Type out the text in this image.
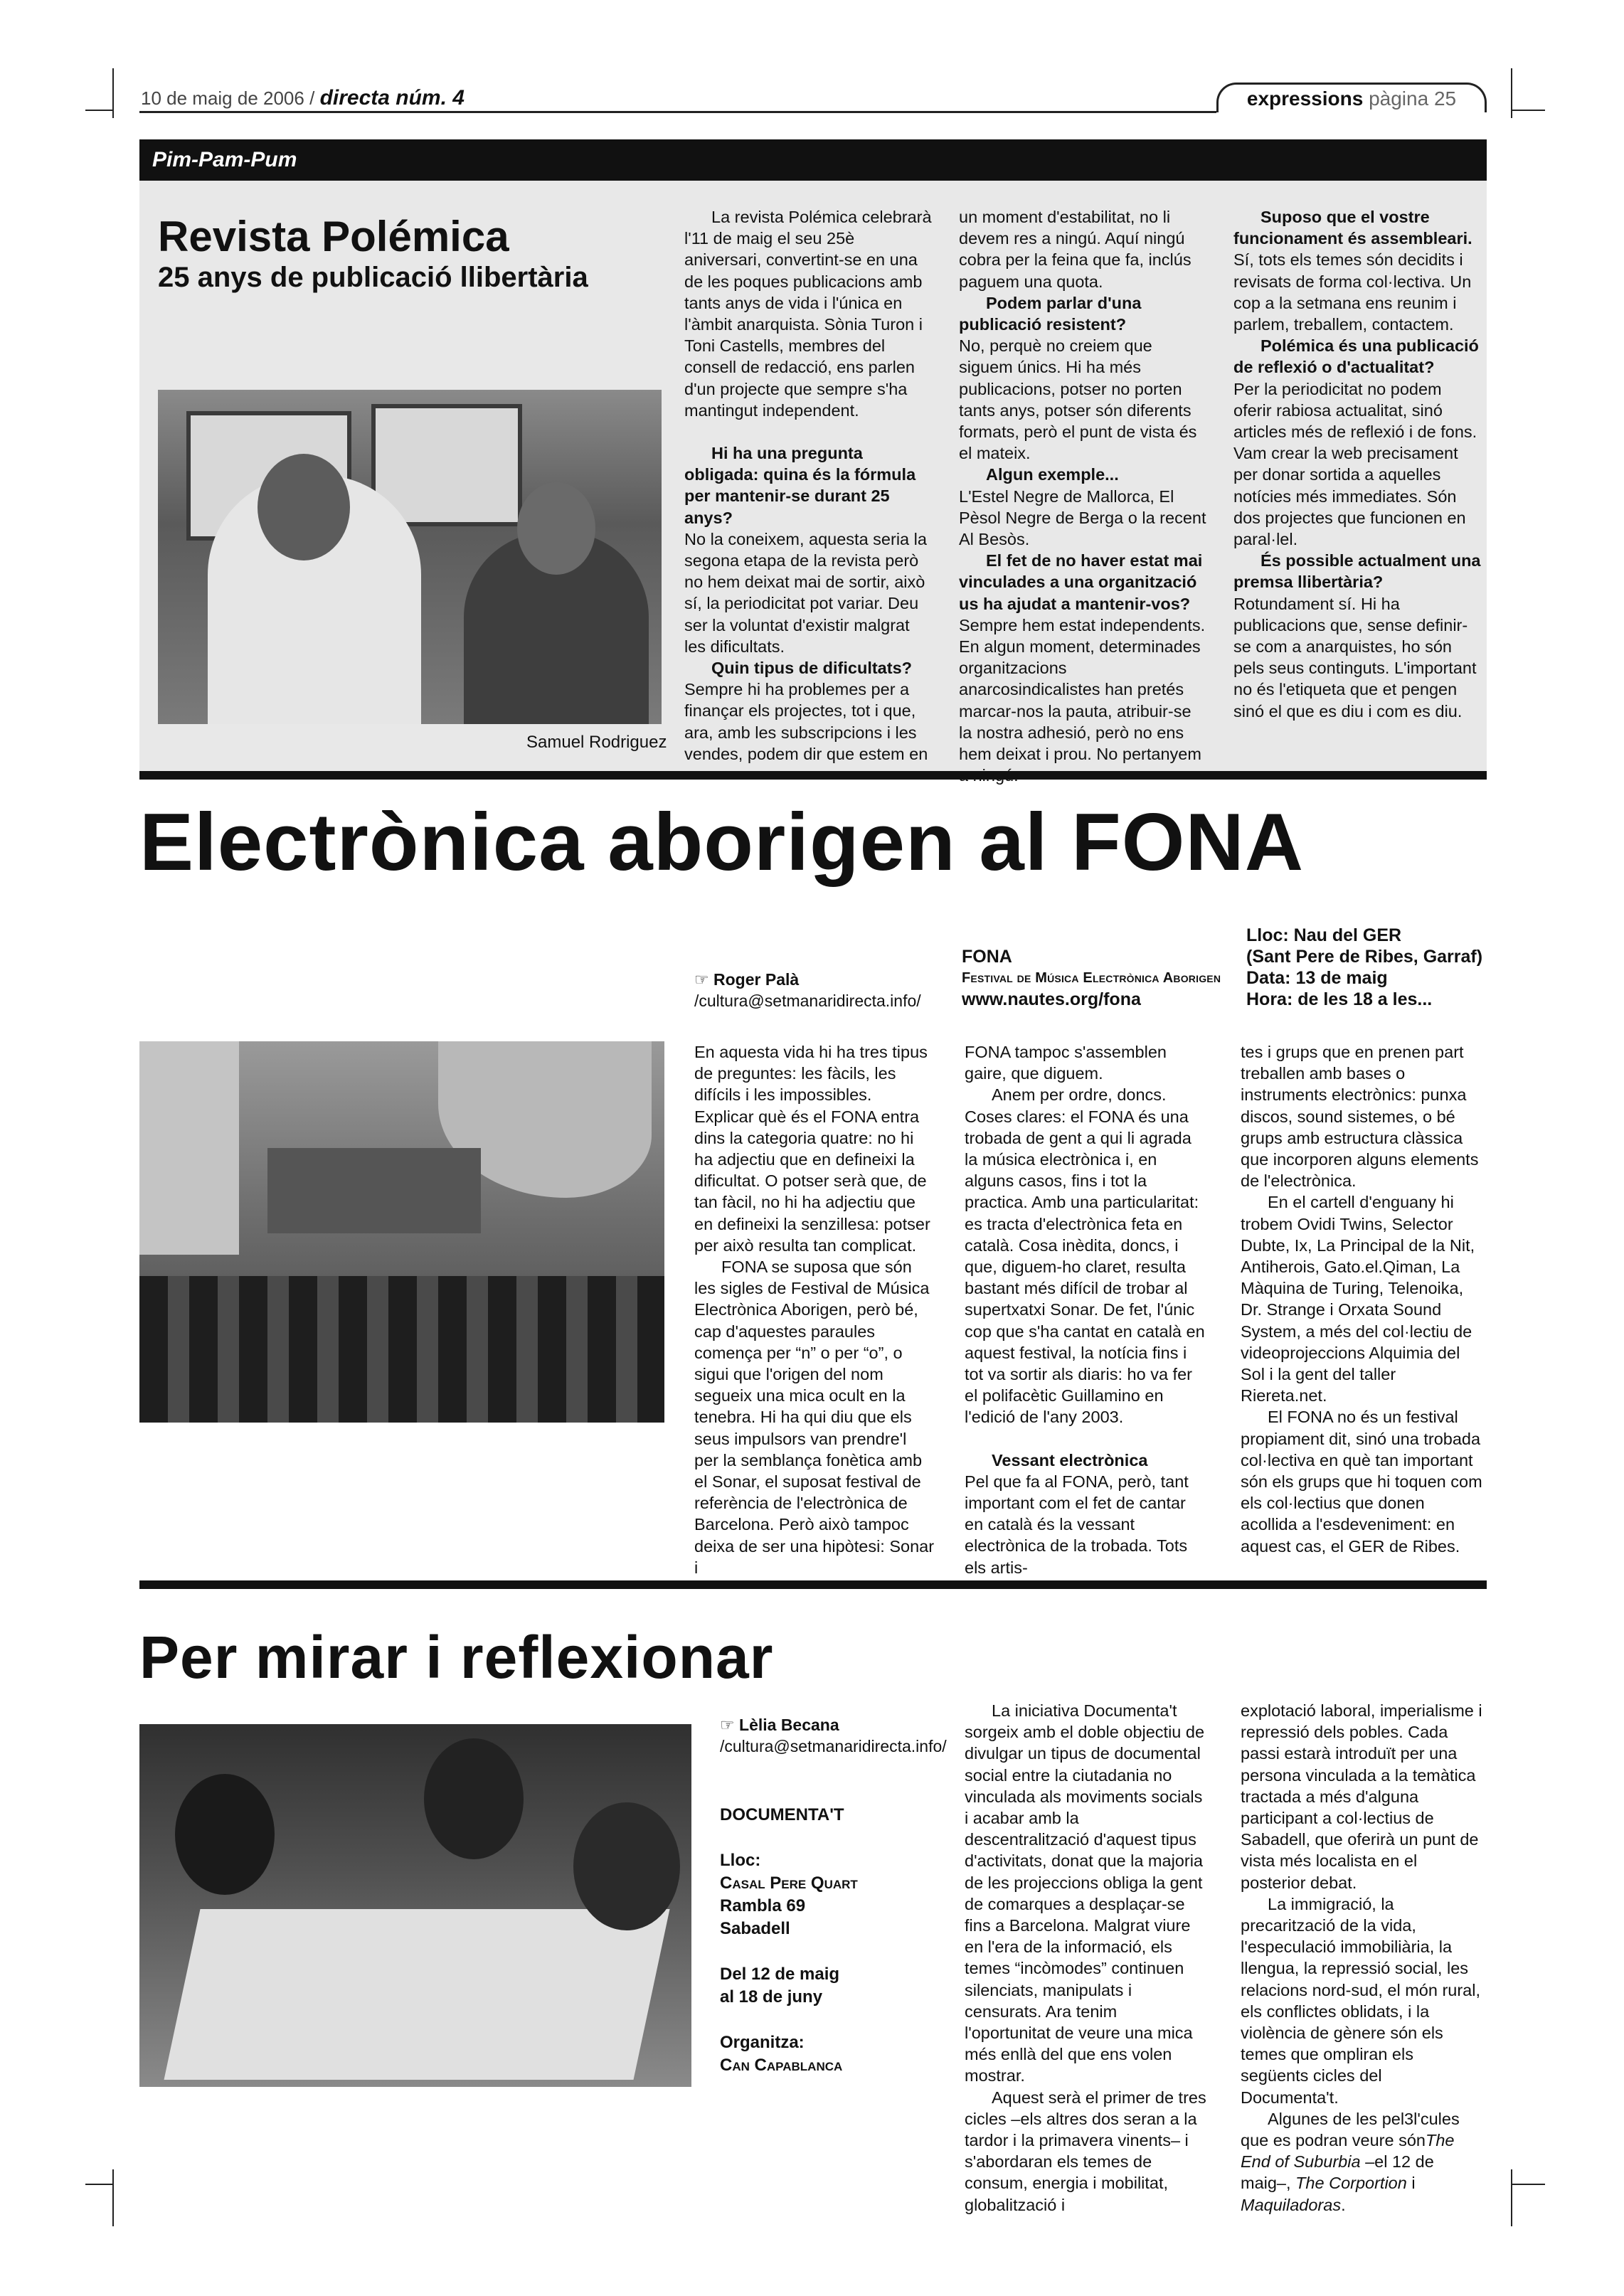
10 de maig de 2006 / directa núm. 4	expressions pàgina 25
Pim-Pam-Pum
Revista Polémica
25 anys de publicació llibertària
Samuel Rodriguez

La revista Polémica celebrarà l'11 de maig el seu 25è aniversari, convertint-se en una de les poques publicacions amb tants anys de vida i l'única en l'àmbit anarquista. Sònia Turon i Toni Castells, membres del consell de redacció, ens parlen d'un projecte que sempre s'ha mantingut independent.

Hi ha una pregunta obligada: quina és la fórmula per mantenir-se durant 25 anys?

No la coneixem, aquesta seria la segona etapa de la revista però no hem deixat mai de sortir, això sí, la periodicitat pot variar. Deu ser la voluntat d'existir malgrat les dificultats.

Quin tipus de dificultats?

Sempre hi ha problemes per a finançar els projectes, tot i que, ara, amb les subscripcions i les vendes, podem dir que estem en

un moment d'estabilitat, no li devem res a ningú. Aquí ningú cobra per la feina que fa, inclús paguem una quota.

Podem parlar d'una publicació resistent?

No, perquè no creiem que siguem únics. Hi ha més publicacions, potser no porten tants anys, potser són diferents formats, però el punt de vista és el mateix.

Algun exemple...

L'Estel Negre de Mallorca, El Pèsol Negre de Berga o la recent Al Besòs.

El fet de no haver estat mai vinculades a una organització us ha ajudat a mantenir-vos?

Sempre hem estat independents. En algun moment, determinades organitzacions anarcosindicalistes han pretés marcar-nos la pauta, atribuir-se la nostra adhesió, però no ens hem deixat i prou. No pertanyem

Suposo que el vostre funcionament és assembleari.

Sí, tots els temes són decidits i revisats de forma col·lectiva. Un cop a la setmana ens reunim i parlem, treballem, contactem.

Polémica és una publicació de reflexió o d'actualitat?

Per la periodicitat no podem oferir rabiosa actualitat, sinó articles més de reflexió i de fons. Vam crear la web precisament per donar sortida a aquelles notícies més immediates. Són dos projectes que funcionen en paral·lel.

És possible actualment una premsa llibertària?

Rotundament sí. Hi ha publicacions que, sense definir-se com a anarquistes, ho són pels seus continguts. L'important no és l'etiqueta que et pengen sinó el que es diu i com es diu.

Electrònica aborigen al FONA
☞ Roger Palà
/cultura@setmanaridirecta.info/
FONA
Festival de Música Electrònica Aborigen
www.nautes.org/fona
Lloc: Nau del GER
(Sant Pere de Ribes, Garraf)
Data: 13 de maig
Hora: de les 18 a les...

En aquesta vida hi ha tres tipus de preguntes: les fàcils, les difícils i les impossibles. Explicar què és el FONA entra dins la categoria quatre: no hi ha adjectiu que en defineixi la dificultat. O potser serà que, de tan fàcil, no hi ha adjectiu que en defineixi la senzillesa: potser per això resulta tan complicat.

FONA se suposa que són les sigles de Festival de Música Electrònica Aborigen, però bé, cap d'aquestes paraules comença per “n” o per “o”, o sigui que l'origen del nom segueix una mica ocult en la tenebra. Hi ha qui diu que els seus impulsors van prendre'l per la semblança fonètica amb el Sonar, el suposat festival de referència de l'electrònica de Barcelona. Però això tampoc deixa de ser una hipòtesi: Sonar i

FONA tampoc s'assemblen gaire, que diguem.

Anem per ordre, doncs. Coses clares: el FONA és una trobada de gent a qui li agrada la música electrònica i, en alguns casos, fins i tot la practica. Amb una particularitat: es tracta d'electrònica feta en català. Cosa inèdita, doncs, i que, diguem-ho claret, resulta bastant més difícil de trobar al supertxatxi Sonar. De fet, l'únic cop que s'ha cantat en català en aquest festival, la notícia fins i tot va sortir als diaris: ho va fer el polifacètic Guillamino en l'edició de l'any 2003.

Vessant electrònica

Pel que fa al FONA, però, tant important com el fet de cantar en català és la vessant electrònica de la trobada. Tots els artis-

tes i grups que en prenen part treballen amb bases o instruments electrònics: punxa discos, sound sistemes, o bé grups amb estructura clàssica que incorporen alguns elements de l'electrònica.

En el cartell d'enguany hi trobem Ovidi Twins, Selector Dubte, Ix, La Principal de la Nit, Antiherois, Gato.el.Qiman, La Màquina de Turing, Telenoika, Dr. Strange i Orxata Sound System, a més del col·lectiu de videoprojeccions Alquimia del Sol i la gent del taller Riereta.net.

El FONA no és un festival propiament dit, sinó una trobada col·lectiva en què tan important són els grups que hi toquen com els col·lectius que donen acollida a l'esdeveniment: en aquest cas, el GER de Ribes.

Per mirar i reflexionar
☞ Lèlia Becana
/cultura@setmanaridirecta.info/
DOCUMENTA'T
Lloc:
Casal Pere Quart
Rambla 69
Sabadell
Del 12 de maig
al 18 de juny
Organitza:
Can Capablanca

La iniciativa Documenta't sorgeix amb el doble objectiu de divulgar un tipus de documental social entre la ciutadania no vinculada als moviments socials i acabar amb la descentralització d'aquest tipus d'activitats, donat que la majoria de les projeccions obliga la gent de comarques a desplaçar-se fins a Barcelona. Malgrat viure en l'era de la informació, els temes “incòmodes” continuen silenciats, manipulats i censurats. Ara tenim l'oportunitat de veure una mica més enllà del que ens volen mostrar.

Aquest serà el primer de tres cicles –els altres dos seran a la tardor i la primavera vinents– i s'abordaran els temes de consum, energia i mobilitat, globalització i

explotació laboral, imperialisme i repressió dels pobles. Cada passi estarà introduït per una persona vinculada a la temàtica tractada a més d'alguna participant a col·lectius de Sabadell, que oferirà un punt de vista més localista en el posterior debat.

La immigració, la precarització de la vida, l'especulació immobiliària, la llengua, la repressió social, les relacions nord-sud, el món rural, els conflictes oblidats, i la violència de gènere són els temes que ompliran els següents cicles del Documenta't.

Algunes de les pel3l'cules que es podran veure sónThe End of Suburbia –el 12 de maig–, The Corportion i Maquiladoras.
